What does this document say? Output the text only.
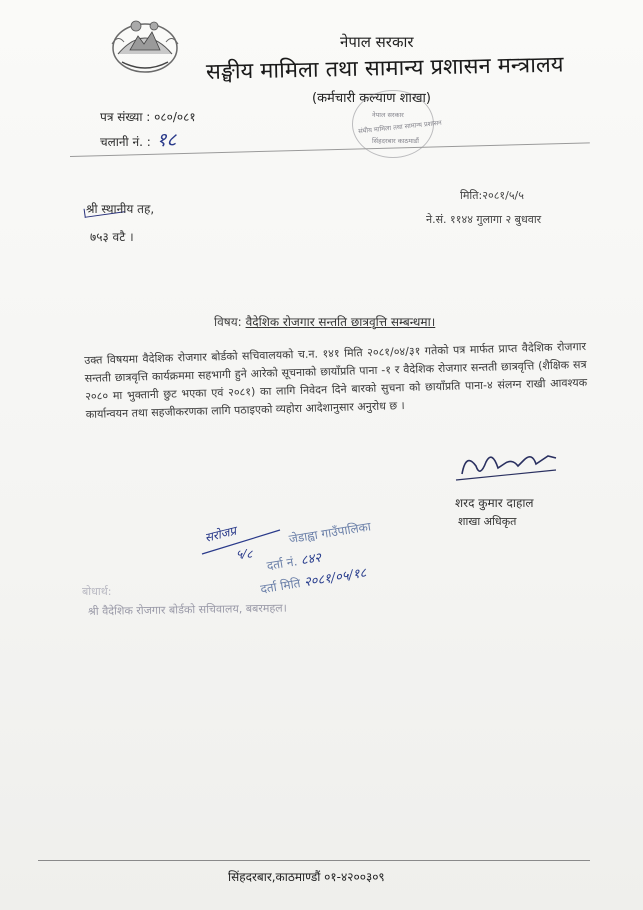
नेपाल सरकार
सङ्घीय मामिला तथा सामान्य प्रशासन मन्त्रालय
(कर्मचारी कल्याण शाखा)
नेपाल सरकार
संघीय मामिला तथा सामान्य प्रशासन
सिंहदरबार काठमाडौं
पत्र संख्या : ०८०/०८१
चलानी नं. : १८
मिति:२०८१/५/५
ने.सं. ११४४ गुलागा २ बुधवार
श्री स्थानीय तह,
७५३ वटै ।
विषय: वैदेशिक रोजगार सन्तति छात्रवृत्ति सम्बन्धमा।
उक्त विषयमा वैदेशिक रोजगार बोर्डको सचिवालयको च.न. १४१ मिति २०८१/०४/३१ गतेको पत्र मार्फत प्राप्त वैदेशिक रोजगार सन्तती छात्रवृत्ति कार्यक्रममा सहभागी हुने आरेको सूचनाको छायाँप्रति पाना -१ र वैदेशिक रोजगार सन्तती छात्रवृत्ति (शैक्षिक सत्र २०८० मा भुक्तानी छुट भएका एवं २०८१) का लागि निवेदन दिने बारको सुचना को छायाँप्रति पाना-४ संलग्न राखी आवश्यक कार्यान्वयन तथा सहजीकरणका लागि पठाइएको व्यहोरा आदेशानुसार अनुरोध छ ।
शरद कुमार दाहाल
शाखा अधिकृत
सरोजप्र
५/८
जेडाह्वा गाउँपालिका
दर्ता नं. ८४२
दर्ता मिति २०८१/०५/१८
बोधार्थ:
श्री वैदेशिक रोजगार बोर्डको सचिवालय, बबरमहल।
सिंहदरबार,काठमाण्डौं ०१-४२००३०९
